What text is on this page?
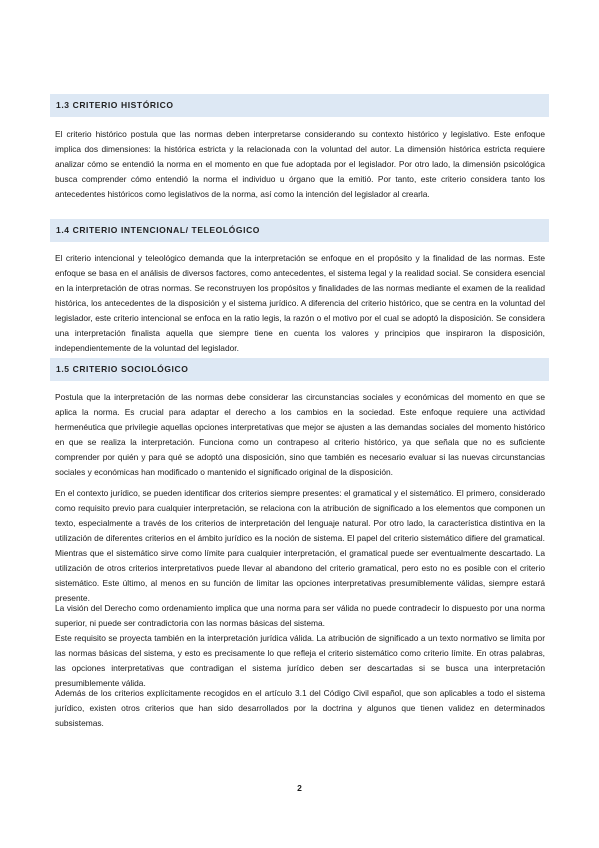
1.3 CRITERIO HISTÓRICO
El criterio histórico postula que las normas deben interpretarse considerando su contexto histórico y legislativo. Este enfoque implica dos dimensiones: la histórica estricta y la relacionada con la voluntad del autor. La dimensión histórica estricta requiere analizar cómo se entendió la norma en el momento en que fue adoptada por el legislador. Por otro lado, la dimensión psicológica busca comprender cómo entendió la norma el individuo u órgano que la emitió. Por tanto, este criterio considera tanto los antecedentes históricos como legislativos de la norma, así como la intención del legislador al crearla.
1.4 CRITERIO INTENCIONAL/ TELEOLÓGICO
El criterio intencional y teleológico demanda que la interpretación se enfoque en el propósito y la finalidad de las normas. Este enfoque se basa en el análisis de diversos factores, como antecedentes, el sistema legal y la realidad social. Se considera esencial en la interpretación de otras normas. Se reconstruyen los propósitos y finalidades de las normas mediante el examen de la realidad histórica, los antecedentes de la disposición y el sistema jurídico. A diferencia del criterio histórico, que se centra en la voluntad del legislador, este criterio intencional se enfoca en la ratio legis, la razón o el motivo por el cual se adoptó la disposición. Se considera una interpretación finalista aquella que siempre tiene en cuenta los valores y principios que inspiraron la disposición, independientemente de la voluntad del legislador.
1.5 CRITERIO SOCIOLÓGICO
Postula que la interpretación de las normas debe considerar las circunstancias sociales y económicas del momento en que se aplica la norma. Es crucial para adaptar el derecho a los cambios en la sociedad. Este enfoque requiere una actividad hermenéutica que privilegie aquellas opciones interpretativas que mejor se ajusten a las demandas sociales del momento histórico en que se realiza la interpretación. Funciona como un contrapeso al criterio histórico, ya que señala que no es suficiente comprender por quién y para qué se adoptó una disposición, sino que también es necesario evaluar si las nuevas circunstancias sociales y económicas han modificado o mantenido el significado original de la disposición.
En el contexto jurídico, se pueden identificar dos criterios siempre presentes: el gramatical y el sistemático. El primero, considerado como requisito previo para cualquier interpretación, se relaciona con la atribución de significado a los elementos que componen un texto, especialmente a través de los criterios de interpretación del lenguaje natural. Por otro lado, la característica distintiva en la utilización de diferentes criterios en el ámbito jurídico es la noción de sistema. El papel del criterio sistemático difiere del gramatical. Mientras que el sistemático sirve como límite para cualquier interpretación, el gramatical puede ser eventualmente descartado. La utilización de otros criterios interpretativos puede llevar al abandono del criterio gramatical, pero esto no es posible con el criterio sistemático. Este último, al menos en su función de limitar las opciones interpretativas presumiblemente válidas, siempre estará presente.
La visión del Derecho como ordenamiento implica que una norma para ser válida no puede contradecir lo dispuesto por una norma superior, ni puede ser contradictoria con las normas básicas del sistema.
Este requisito se proyecta también en la interpretación jurídica válida. La atribución de significado a un texto normativo se limita por las normas básicas del sistema, y esto es precisamente lo que refleja el criterio sistemático como criterio límite. En otras palabras, las opciones interpretativas que contradigan el sistema jurídico deben ser descartadas si se busca una interpretación presumiblemente válida.
Además de los criterios explícitamente recogidos en el artículo 3.1 del Código Civil español, que son aplicables a todo el sistema jurídico, existen otros criterios que han sido desarrollados por la doctrina y algunos que tienen validez en determinados subsistemas.
2
